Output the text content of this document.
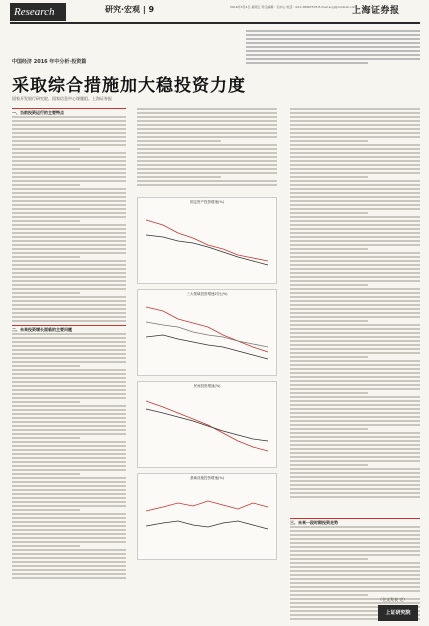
Research	研究·宏观 | 9	2016年3月4日 星期五 责任编辑：毛中山 电话：021-38967576 E-mail:scyj@cnstock.com
上海证券报
中国经济 2016 年中分析·投资篇
采取综合措施加大稳投资力度
国家开发银行研究院、国家信息中心课题组、上海证券报
一、当前投资运行的主要特点
二、未来投资增长面临的主要问题
三、未来一段时期投资走势
固定资产投资增速(%)
三大领域投资增速对比(%)
民间投资增速(%)
基础设施投资增速(%)
（全文发表 完）
上证研究院
